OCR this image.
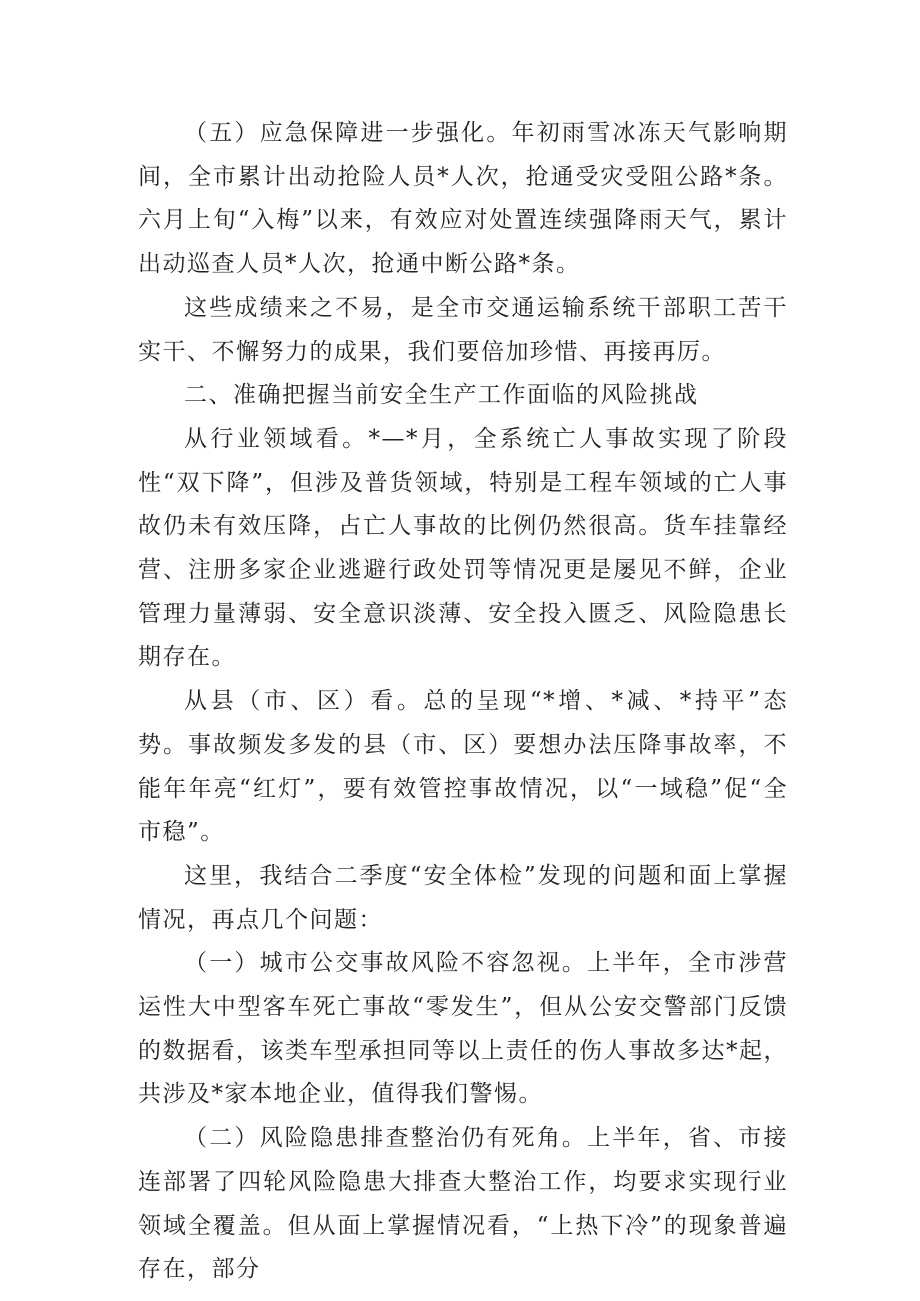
（五）应急保障进一步强化。年初雨雪冰冻天气影响期间，全市累计出动抢险人员*人次，抢通受灾受阻公路*条。六月上旬“入梅”以来，有效应对处置连续强降雨天气，累计出动巡查人员*人次，抢通中断公路*条。

这些成绩来之不易，是全市交通运输系统干部职工苦干实干、不懈努力的成果，我们要倍加珍惜、再接再厉。

二、准确把握当前安全生产工作面临的风险挑战

从行业领域看。*—*月，全系统亡人事故实现了阶段性“双下降”，但涉及普货领域，特别是工程车领域的亡人事故仍未有效压降，占亡人事故的比例仍然很高。货车挂靠经营、注册多家企业逃避行政处罚等情况更是屡见不鲜，企业管理力量薄弱、安全意识淡薄、安全投入匮乏、风险隐患长期存在。

从县（市、区）看。总的呈现“*增、*减、*持平”态势。事故频发多发的县（市、区）要想办法压降事故率，不能年年亮“红灯”，要有效管控事故情况，以“一域稳”促“全市稳”。

这里，我结合二季度“安全体检”发现的问题和面上掌握情况，再点几个问题：

（一）城市公交事故风险不容忽视。上半年，全市涉营运性大中型客车死亡事故“零发生”，但从公安交警部门反馈的数据看，该类车型承担同等以上责任的伤人事故多达*起，共涉及*家本地企业，值得我们警惕。

（二）风险隐患排查整治仍有死角。上半年，省、市接连部署了四轮风险隐患大排查大整治工作，均要求实现行业领域全覆盖。但从面上掌握情况看，“上热下冷”的现象普遍存在，部分
